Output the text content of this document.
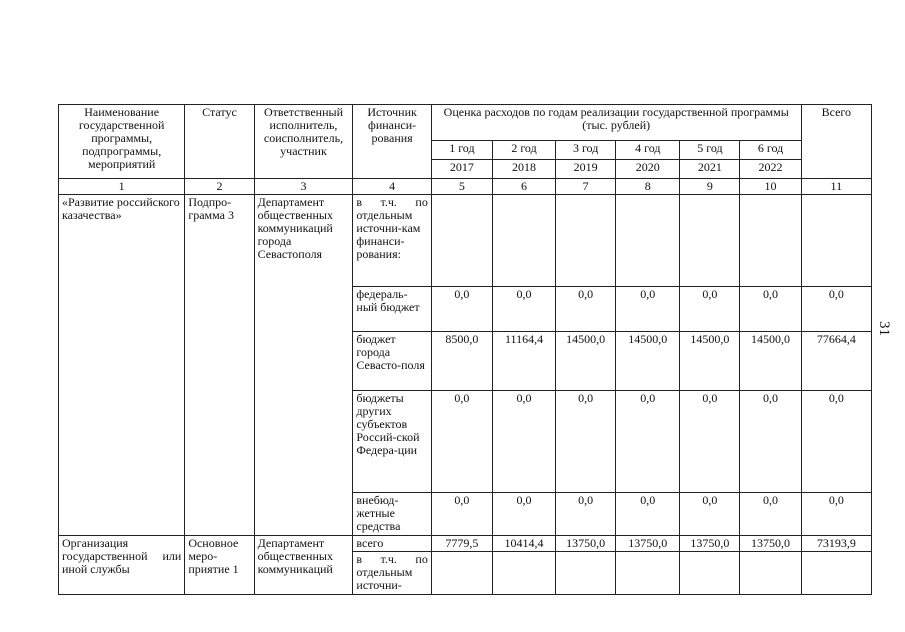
Наименование государственной программы, подпрограммы, мероприятий	Статус	Ответственный исполнитель, соисполнитель, участник	Источник финанси-рования	Оценка расходов по годам реализации государственной программы (тыс. рублей)						Всего
				1 год	2 год	3 год	4 год	5 год	6 год	
				2017	2018	2019	2020	2021	2022	
1	2	3	4	5	6	7	8	9	10	11
«Развитие российского казачества»	Подпро-грамма 3	Департамент общественных коммуникаций города Севастополя	в т.ч. по отдельным источни-кам финанси-рования:							
			федераль-ный бюджет	0,0	0,0	0,0	0,0	0,0	0,0	0,0
			бюджет города Севасто-поля	8500,0	11164,4	14500,0	14500,0	14500,0	14500,0	77664,4
			бюджеты других субъектов Россий-ской Федера-ции	0,0	0,0	0,0	0,0	0,0	0,0	0,0
			внебюд-жетные средства	0,0	0,0	0,0	0,0	0,0	0,0	0,0
Организация государственной или иной службы	Основное меро-приятие 1	Департамент общественных коммуникаций	всего	7779,5	10414,4	13750,0	13750,0	13750,0	13750,0	73193,9
			в т.ч. по отдельным источни-							
31
